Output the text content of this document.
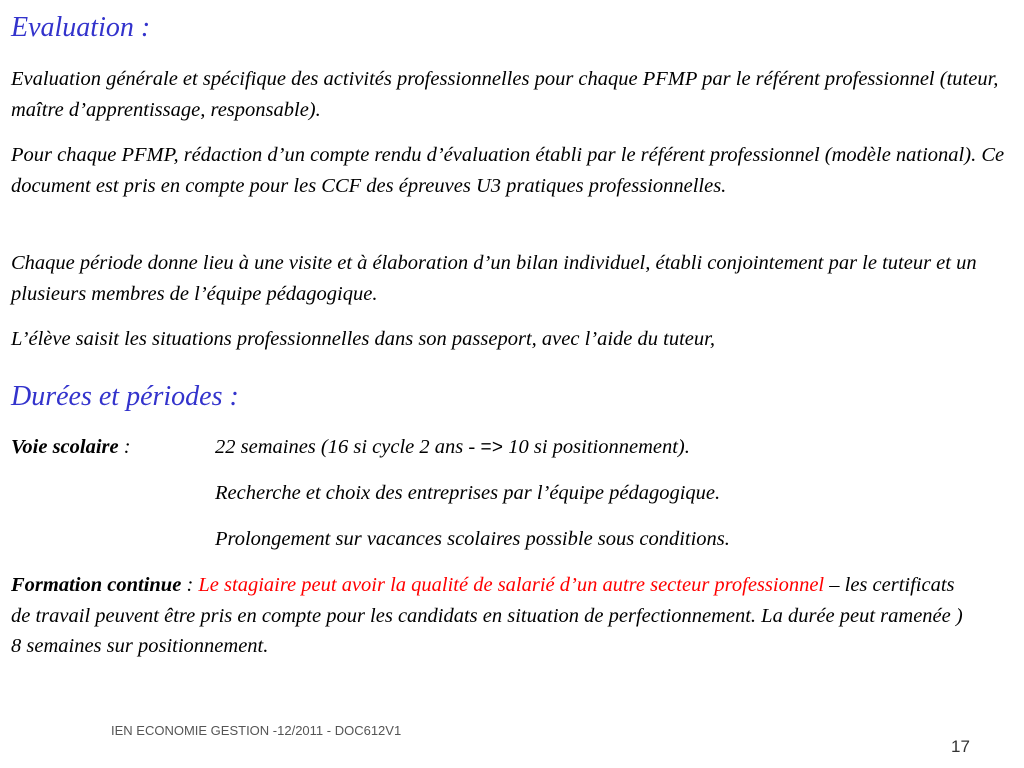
Evaluation :

Evaluation générale et spécifique des activités professionnelles pour chaque PFMP par le référent professionnel (tuteur, maître d’apprentissage, responsable).

Pour chaque PFMP, rédaction d’un compte rendu d’évaluation établi par le référent professionnel (modèle national). Ce document est pris en compte pour les CCF des épreuves U3 pratiques professionnelles.

Chaque période donne lieu à une visite et à élaboration d’un bilan individuel, établi conjointement par le tuteur et un plusieurs membres de l’équipe pédagogique.

L’élève saisit les situations professionnelles dans son passeport, avec l’aide du tuteur,

Durées et périodes :

Voie scolaire :	22 semaines (16 si cycle 2 ans - => 10 si positionnement).

Recherche et choix des entreprises par l’équipe pédagogique.

Prolongement sur vacances scolaires possible sous conditions.

Formation continue : Le stagiaire peut avoir la qualité de salarié d’un autre secteur professionnel – les certificats de travail peuvent être pris en compte pour les candidats en situation de perfectionnement. La durée peut ramenée ) 8 semaines sur positionnement.

IEN ECONOMIE GESTION -12/2011 - DOC612V1

17
